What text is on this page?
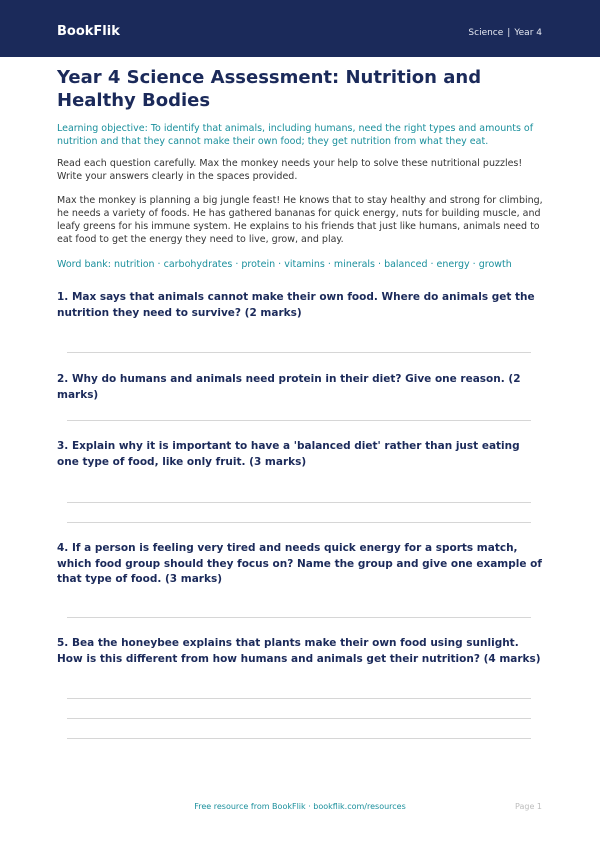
BookFlik	Science | Year 4
Year 4 Science Assessment: Nutrition and Healthy Bodies

Learning objective: To identify that animals, including humans, need the right types and amounts of nutrition and that they cannot make their own food; they get nutrition from what they eat.

Read each question carefully. Max the monkey needs your help to solve these nutritional puzzles! Write your answers clearly in the spaces provided.

Max the monkey is planning a big jungle feast! He knows that to stay healthy and strong for climbing, he needs a variety of foods. He has gathered bananas for quick energy, nuts for building muscle, and leafy greens for his immune system. He explains to his friends that just like humans, animals need to eat food to get the energy they need to live, grow, and play.

Word bank: nutrition · carbohydrates · protein · vitamins · minerals · balanced · energy · growth

1. Max says that animals cannot make their own food. Where do animals get the nutrition they need to survive? (2 marks)

2. Why do humans and animals need protein in their diet? Give one reason. (2 marks)

3. Explain why it is important to have a 'balanced diet' rather than just eating one type of food, like only fruit. (3 marks)

4. If a person is feeling very tired and needs quick energy for a sports match, which food group should they focus on? Name the group and give one example of that type of food. (3 marks)

5. Bea the honeybee explains that plants make their own food using sunlight. How is this different from how humans and animals get their nutrition? (4 marks)

Free resource from BookFlik · bookflik.com/resources	Page 1
